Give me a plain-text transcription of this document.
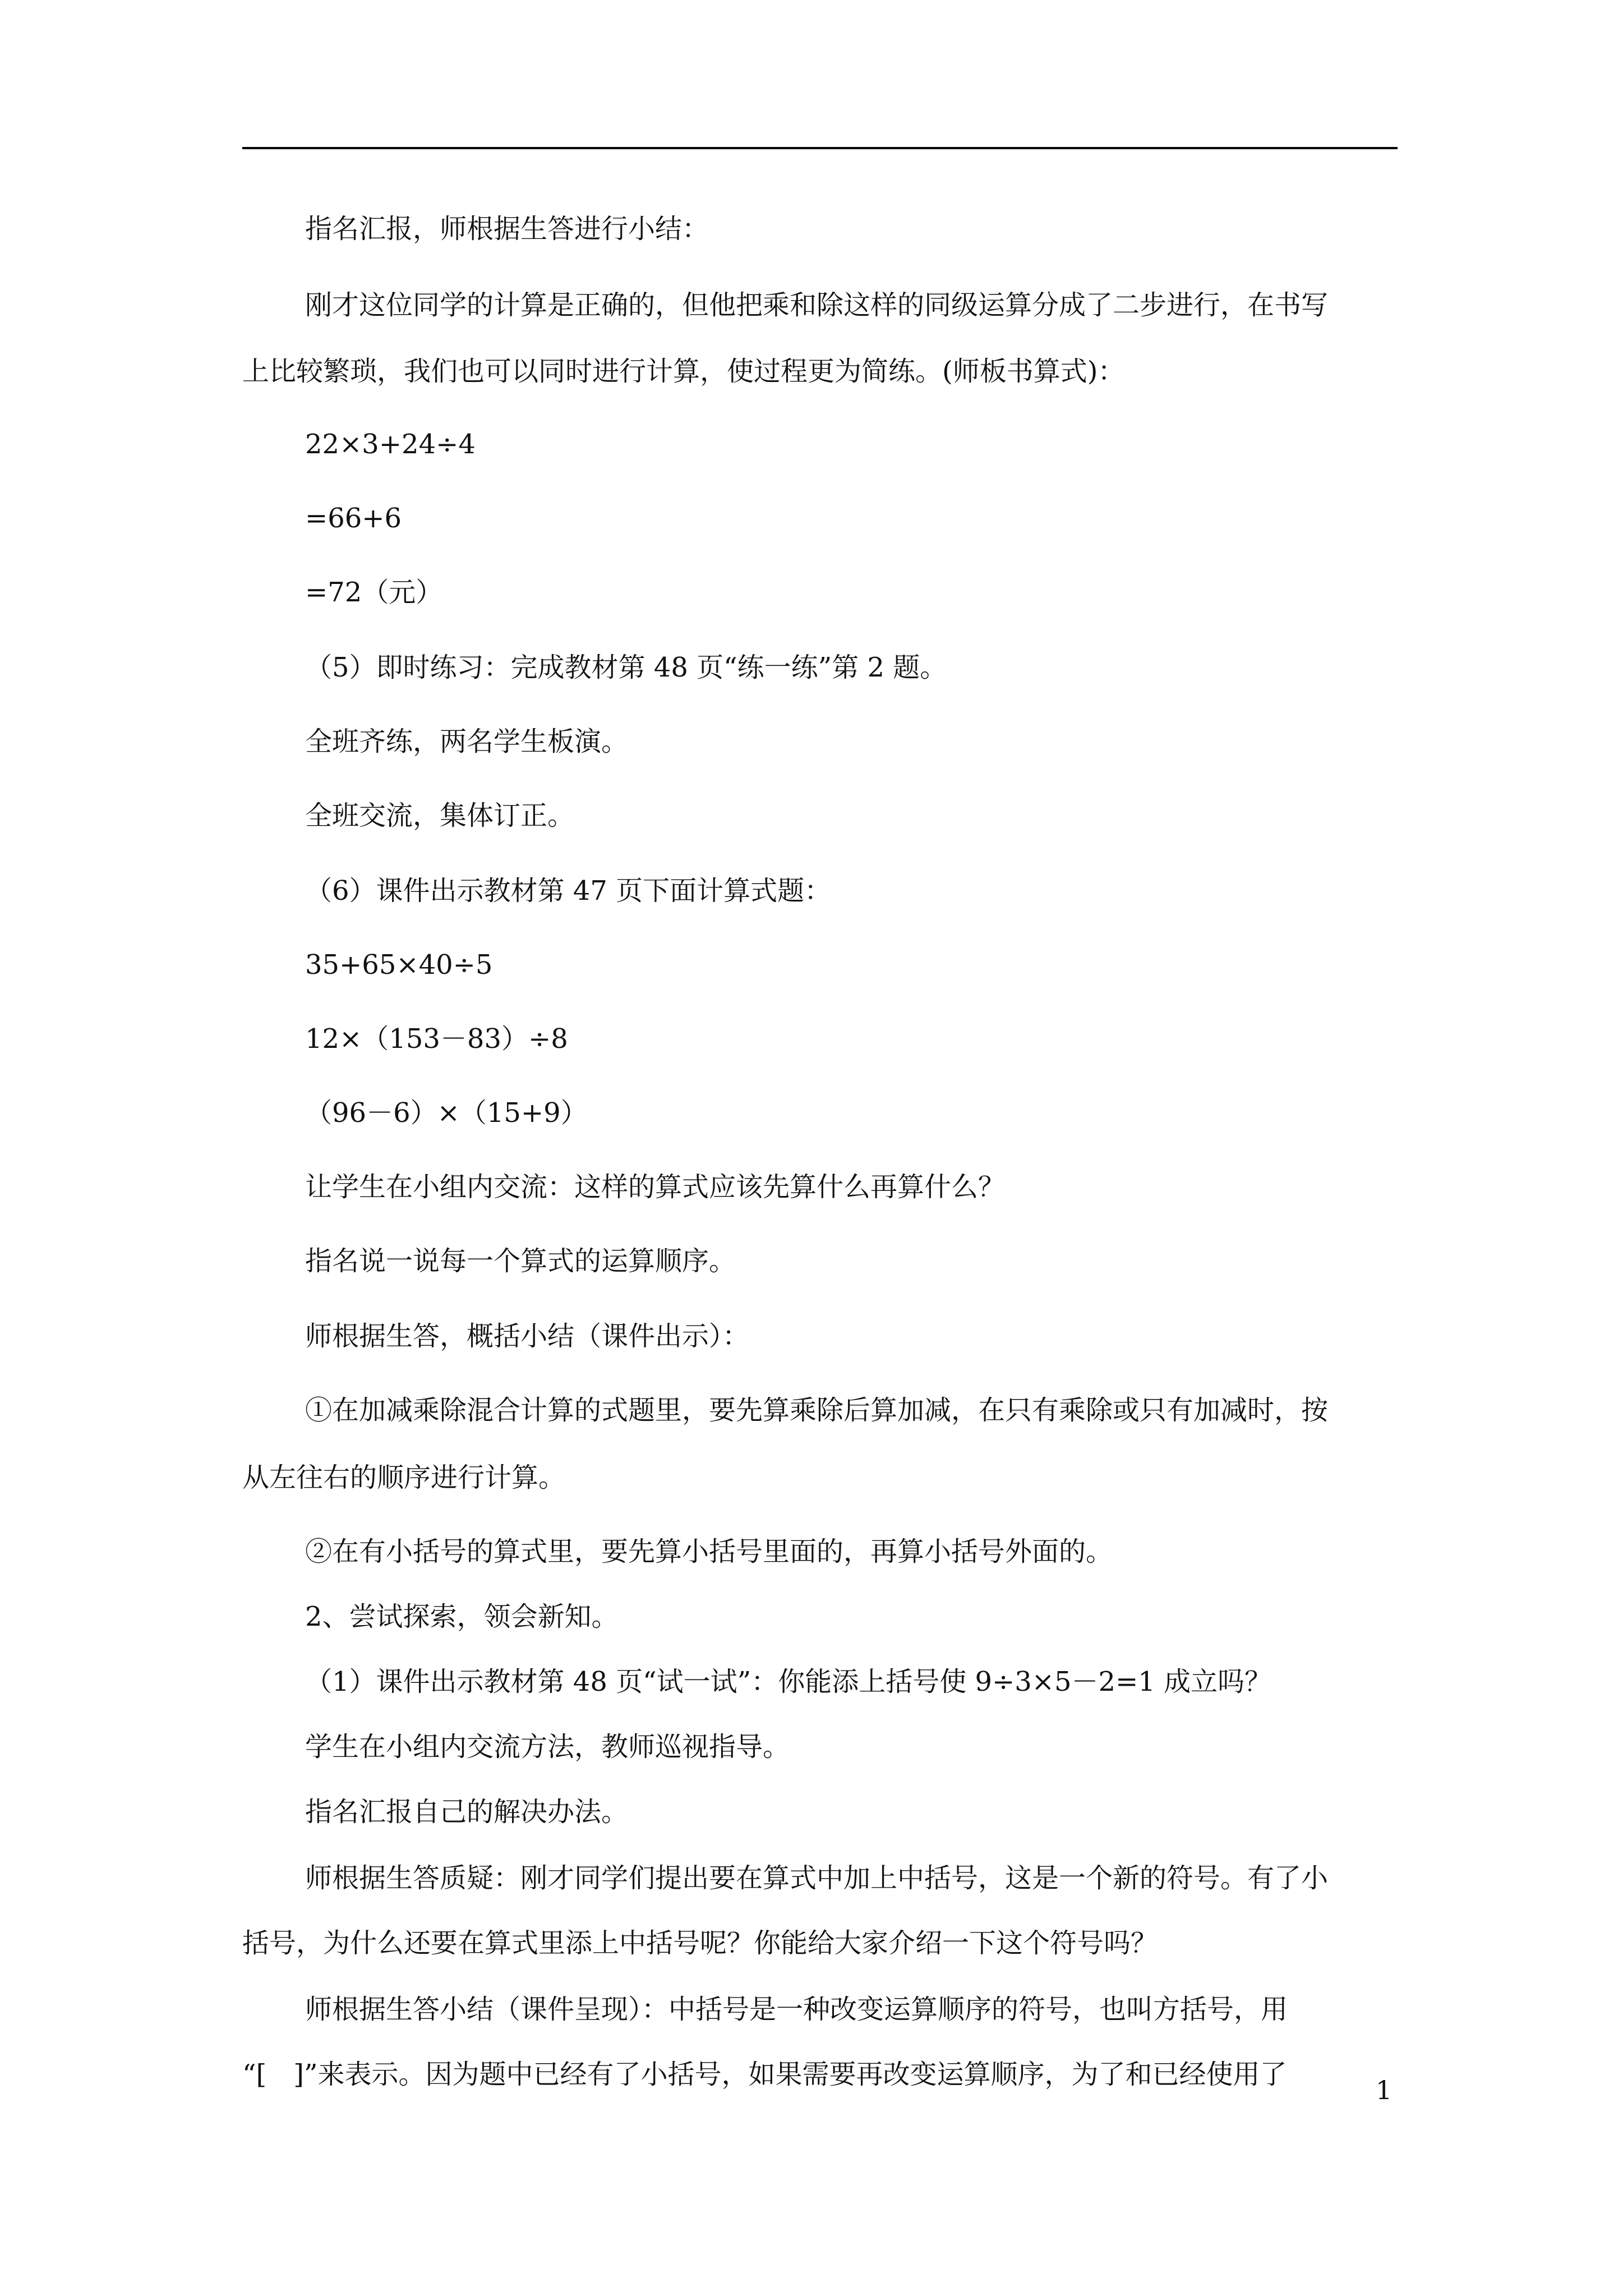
指名汇报，师根据生答进行小结：
刚才这位同学的计算是正确的，但他把乘和除这样的同级运算分成了二步进行，在书写
上比较繁琐，我们也可以同时进行计算，使过程更为简练。(师板书算式)：
22×3+24÷4
=66+6
=72（元）
（5）即时练习：完成教材第 48 页“练一练”第 2 题。
全班齐练，两名学生板演。
全班交流，集体订正。
（6）课件出示教材第 47 页下面计算式题：
35+65×40÷5
12×（153－83）÷8
（96－6）×（15+9）
让学生在小组内交流：这样的算式应该先算什么再算什么？
指名说一说每一个算式的运算顺序。
师根据生答，概括小结（课件出示）：
①在加减乘除混合计算的式题里，要先算乘除后算加减，在只有乘除或只有加减时，按
从左往右的顺序进行计算。
②在有小括号的算式里，要先算小括号里面的，再算小括号外面的。
2、尝试探索，领会新知。
（1）课件出示教材第 48 页“试一试”：你能添上括号使 9÷3×5－2=1 成立吗？
学生在小组内交流方法，教师巡视指导。
指名汇报自己的解决办法。
师根据生答质疑：刚才同学们提出要在算式中加上中括号，这是一个新的符号。有了小
括号，为什么还要在算式里添上中括号呢？你能给大家介绍一下这个符号吗？
师根据生答小结（课件呈现）：中括号是一种改变运算顺序的符号，也叫方括号，用
“[　]”来表示。因为题中已经有了小括号，如果需要再改变运算顺序，为了和已经使用了	1
